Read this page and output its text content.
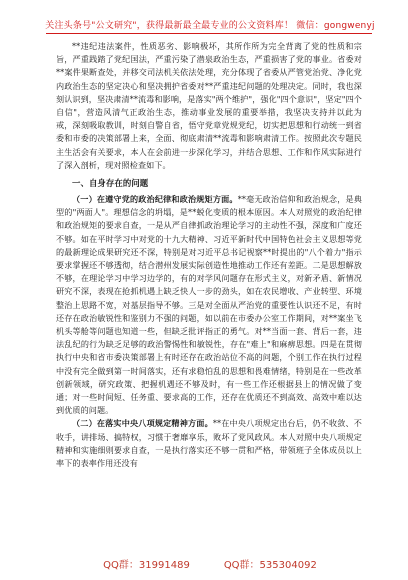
关注头条号"公文研究"，获得最新最全最专业的公文资料库！ 微信：gongwenyj

**违纪违法案件，性质恶劣、影响极坏，其所作所为完全背离了党的性质和宗旨，严重践踏了党纪国法，严重污染了潜泉政治生态，严重损害了党的事业。省委对**案件果断查处，并移交司法机关依法处理，充分体现了省委从严管党治党、净化党内政治生态的坚定决心和坚决拥护省委对**严重违纪问题的处理决定。同时，我也深刻认识到，坚决肃清**流毒和影响，是落实"两个维护"，强化"四个意识"，坚定"四个自信"，营造风清气正政治生态，推动事业发展的重要举措，我坚决支持并以此为戒，深刻吸取教训，时刻自警自省，悟守党章党规党纪，切实把思想和行动统一到省委和市委的决策部署上来，全面、彻底肃清**流毒和影响肃清工作。按照此次专题民主生活会有关要求，本人在会前进一步深化学习，并结合思想、工作和作风实际进行了深入剖析，现对照检查如下。

一、自身存在的问题

（一）在遵守党的政治纪律和政治规矩方面。**毫无政治信仰和政治规念，是典型的"两面人"。理想信念的坍塌，是**蜕化变质的根本原因。本人对照党的政治纪律和政治规矩的要求自查，一是从严自律抓政治理论学习的主动性不强，深度和广度还不够。如在平时学习中对党的十九大精神、习近平新时代中国特色社会主义思想等党的最新理论成果研究还不深，特别是对习近平总书记视察**时提出的"八个着力"指示要求掌握还不够透彻，结合潜州发展实际创造性地推动工作还有差距。二是思想解放不够，在理论学习中学习边学的，有的对学风问题存在形式主义，对新矛盾、新情况研究不深，表现在抢抓机遇上缺乏快人一步的劲头，如在农民增收、产业转型、环境整治上思路不宽，对基层指导不够。三是对全面从严治党的重要性认识还不足，有时还存在政治敏锐性和鉴别力不强的问题，如以前在市委办公室工作期间，对**案坐飞机头等舱等问题也知道一些，但缺乏批评指正的勇气。对**当面一套、背后一套，违法乱纪的行为缺乏足够的政治警惕性和敏锐性，存在"难上"和麻痹思想。四是在贯彻执行中央和省市委决策部署上有时还存在政治站位不高的问题，个别工作在执行过程中没有完全做到第一时间落实，还有求稳怕乱的思想和畏难情绪，特别是在一些改革创新领域，研究政策、把握机遇还不够及时，有一些工作还根据县上的情况做了变通；对一些时间短、任务重、要求高的工作，还存在优质还不到高效、高效中难以达到优质的问题。

（二）在落实中央八项规定精神方面。**在中央八项规定出台后，仍不收敛、不收手，讲排场、搞特权，习惯于奢靡享乐，败坏了党风政风。本人对照中央八项规定精神和实施细则要求自查，一是执行落实还不够一贯和严格，带领班子全体成员以上率下的表率作用还没有

QQ群：31991489	QQ群：535304092
